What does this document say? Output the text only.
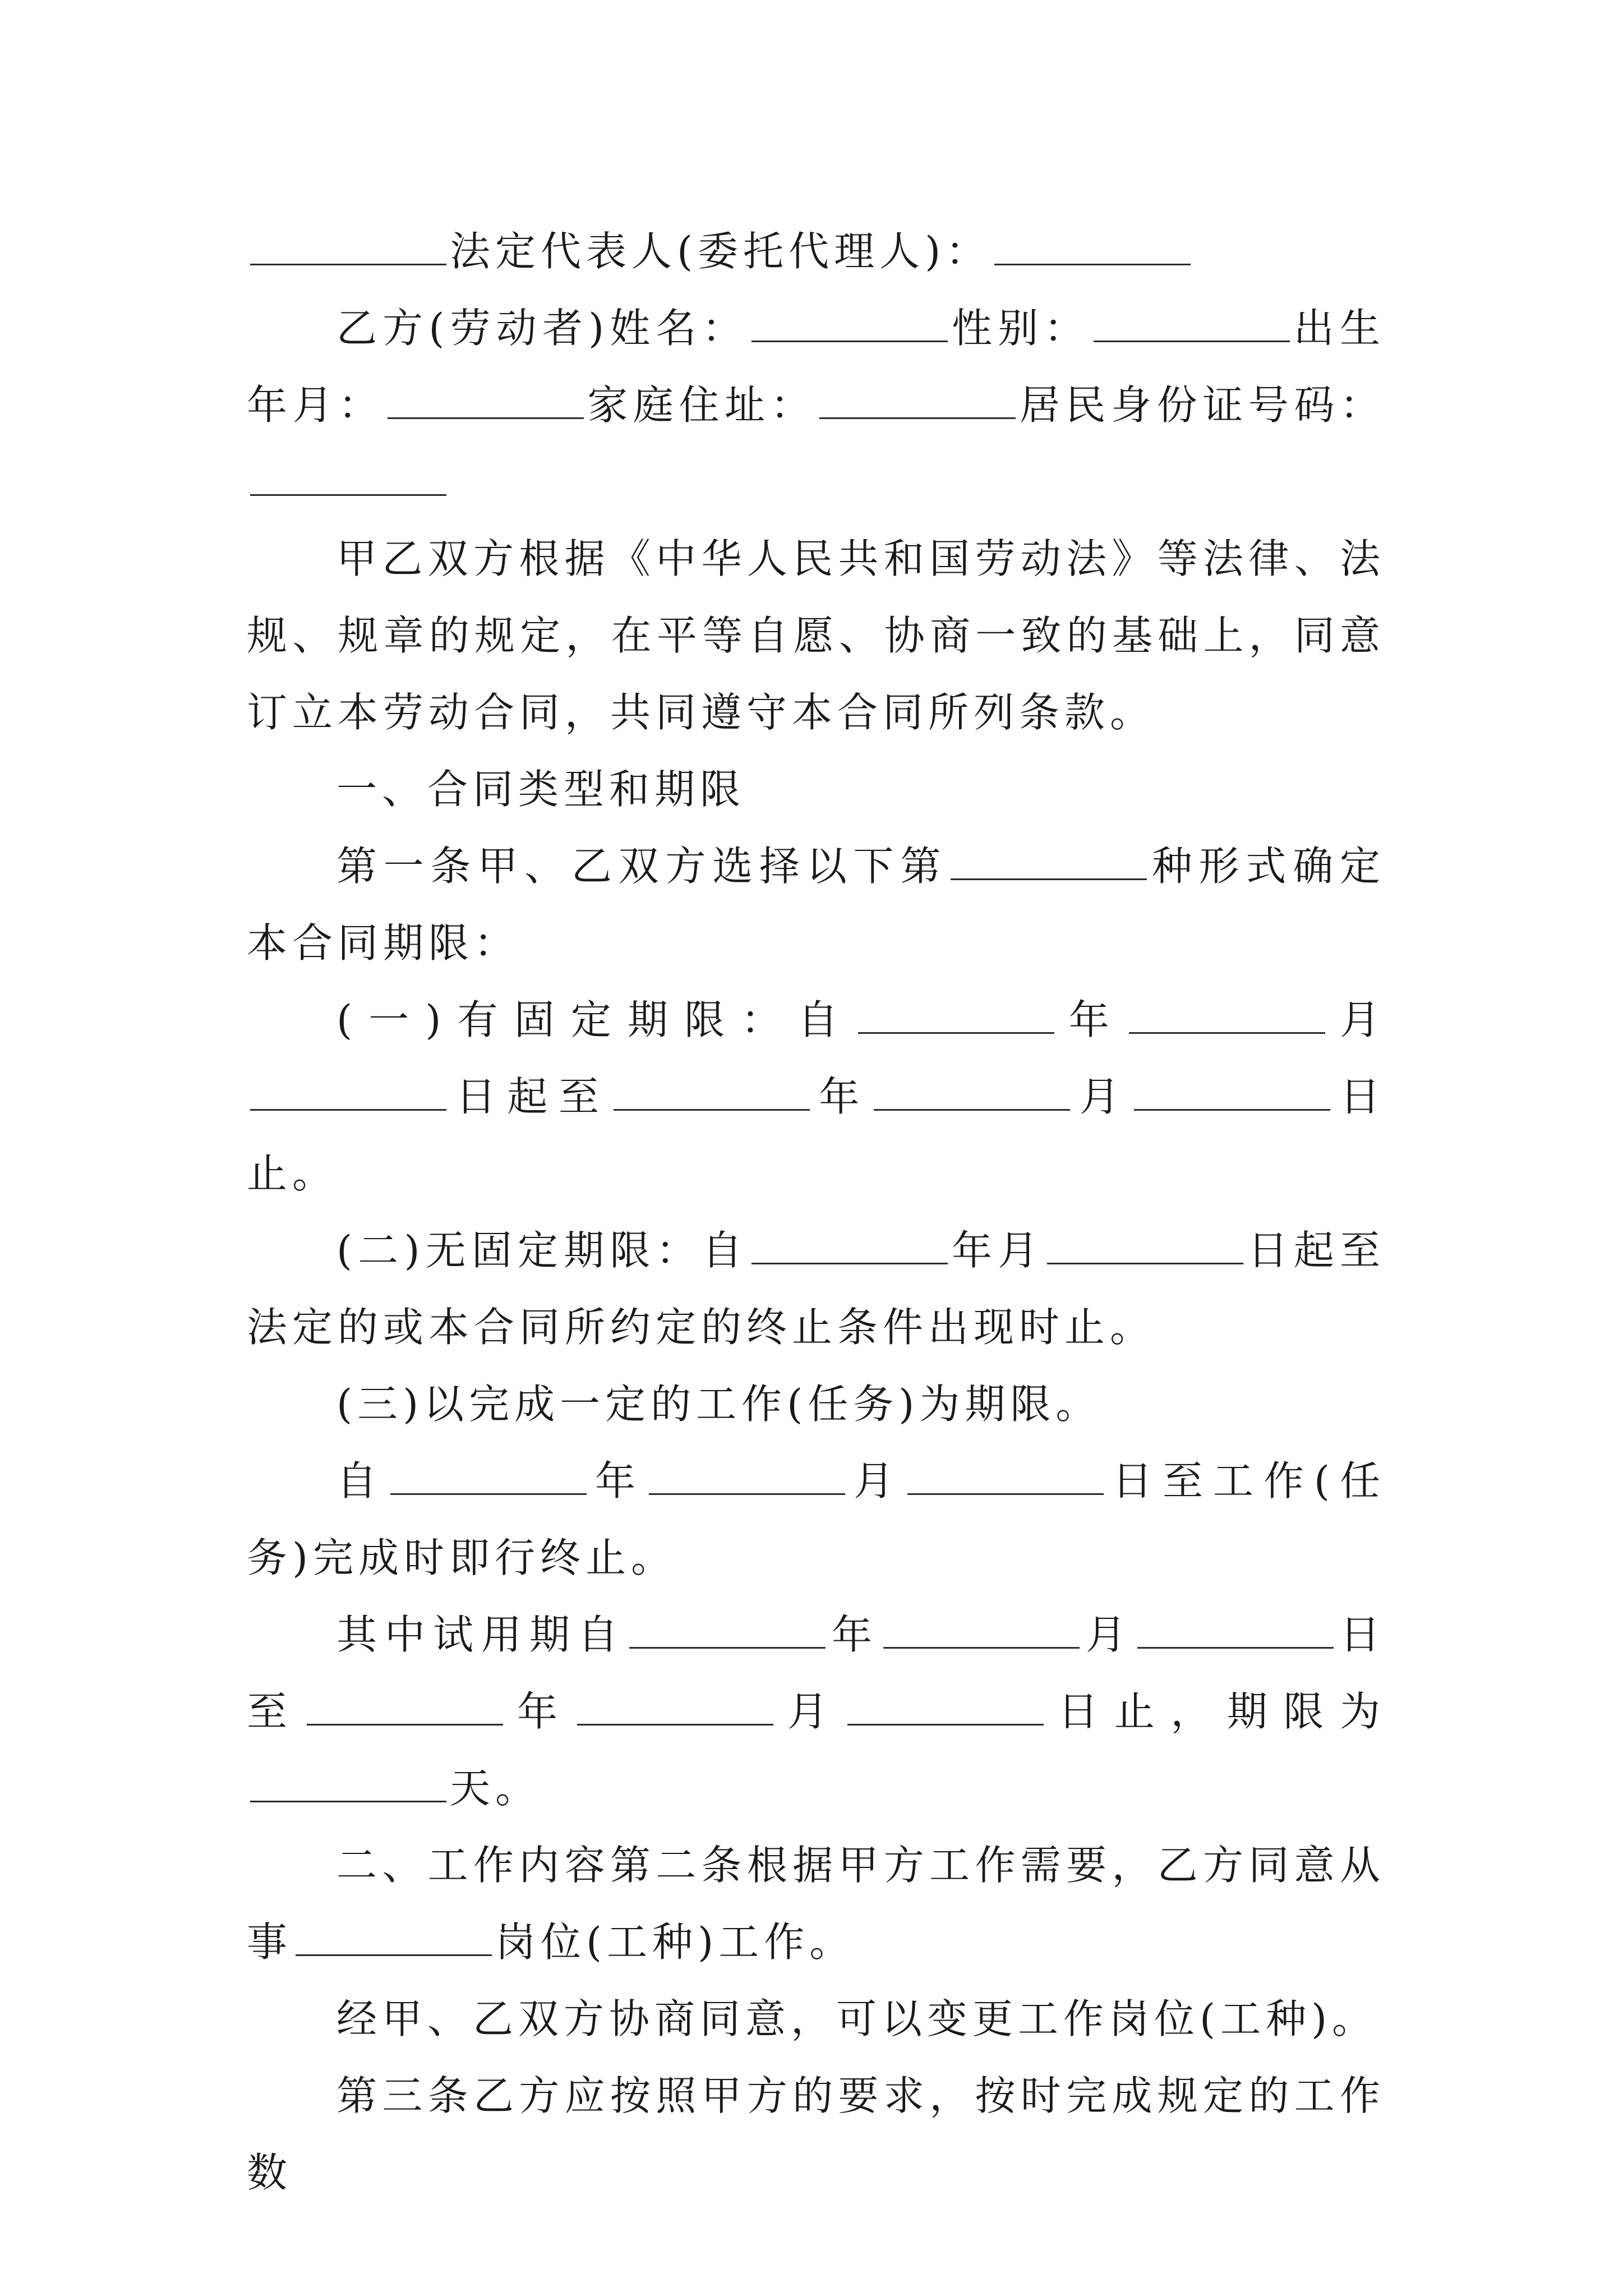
法定代表人(委托代理人)：

乙方(劳动者)姓名：	性别：	出生年月：	家庭住址：	居民身份证号码：

甲乙双方根据《中华人民共和国劳动法》等法律、法规、规章的规定，在平等自愿、协商一致的基础上，同意订立本劳动合同，共同遵守本合同所列条款。

一、合同类型和期限

第一条甲、乙双方选择以下第	种形式确定本合同期限：

(一)有固定期限：自	年	月日起至	年	月	日止。

(二)无固定期限：自	年月	日起至法定的或本合同所约定的终止条件出现时止。

(三)以完成一定的工作(任务)为期限。

自	年	月	日至工作(任务)完成时即行终止。

其中试用期自	年	月	日至	年	月	日止，期限为天。

二、工作内容第二条根据甲方工作需要，乙方同意从事	岗位(工种)工作。

经甲、乙双方协商同意，可以变更工作岗位(工种)。

第三条乙方应按照甲方的要求，按时完成规定的工作数
